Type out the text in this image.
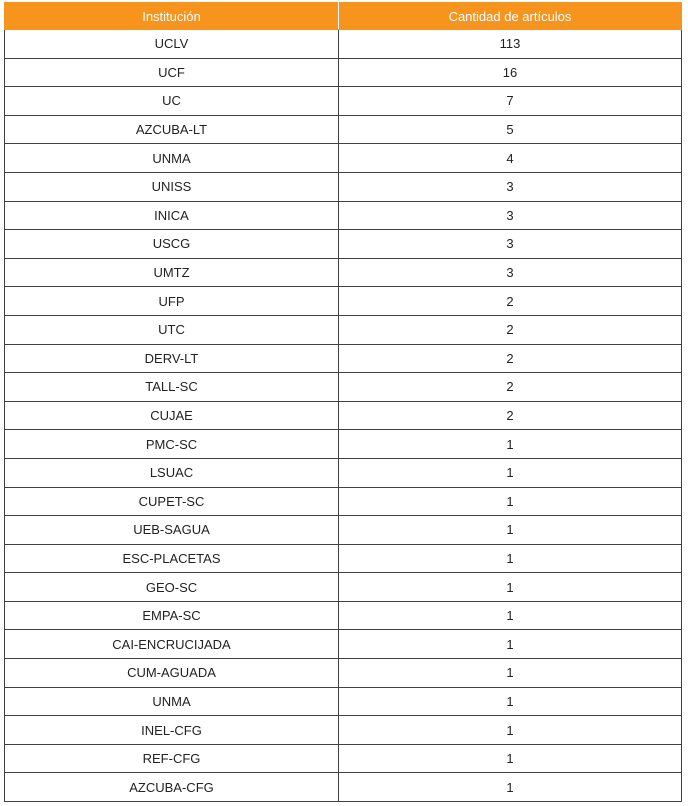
Institución	Cantidad de artículos
UCLV	113
UCF	16
UC	7
AZCUBA-LT	5
UNMA	4
UNISS	3
INICA	3
USCG	3
UMTZ	3
UFP	2
UTC	2
DERV-LT	2
TALL-SC	2
CUJAE	2
PMC-SC	1
LSUAC	1
CUPET-SC	1
UEB-SAGUA	1
ESC-PLACETAS	1
GEO-SC	1
EMPA-SC	1
CAI-ENCRUCIJADA	1
CUM-AGUADA	1
UNMA	1
INEL-CFG	1
REF-CFG	1
AZCUBA-CFG	1
